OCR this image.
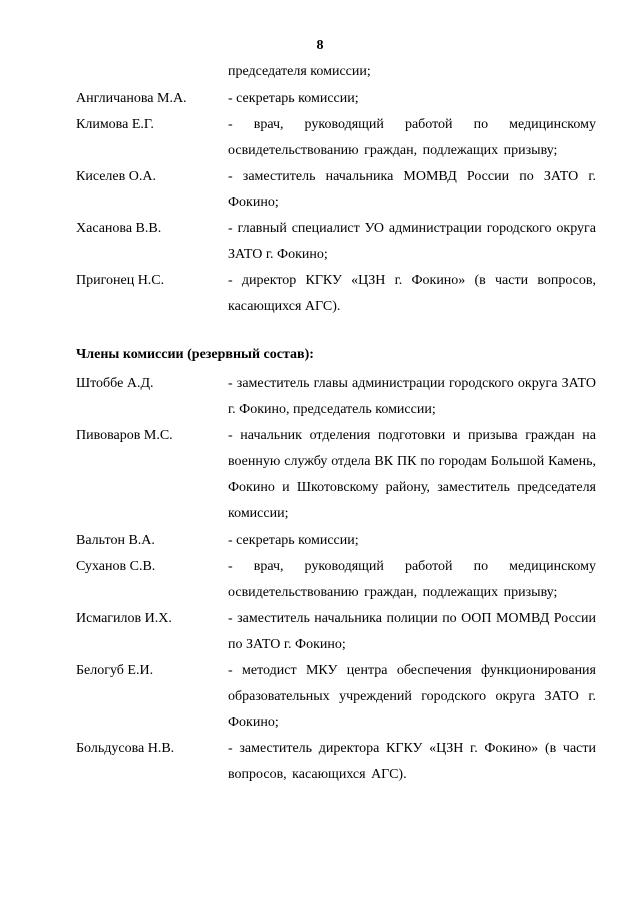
8
председателя комиссии;
Англичанова М.А.	- секретарь комиссии;
Климова Е.Г.	- врач, руководящий работой по медицинскому освидетельствованию граждан, подлежащих призыву;
Киселев О.А.	- заместитель начальника МОМВД России по ЗАТО г. Фокино;
Хасанова В.В.	- главный специалист УО администрации городского округа ЗАТО г. Фокино;
Пригонец Н.С.	- директор КГКУ «ЦЗН г. Фокино» (в части вопросов, касающихся АГС).
Члены комиссии (резервный состав):
Штоббе А.Д.	- заместитель главы администрации городского округа ЗАТО г. Фокино, председатель комиссии;
Пивоваров М.С.	- начальник отделения подготовки и призыва граждан на военную службу отдела ВК ПК по городам Большой Камень, Фокино и Шкотовскому району, заместитель председателя комиссии;
Вальтон В.А.	- секретарь комиссии;
Суханов С.В.	- врач, руководящий работой по медицинскому освидетельствованию граждан, подлежащих призыву;
Исмагилов И.Х.	- заместитель начальника полиции по ООП МОМВД России по ЗАТО г. Фокино;
Белогуб Е.И.	- методист МКУ центра обеспечения функционирования образовательных учреждений городского округа ЗАТО г. Фокино;
Больдусова Н.В.	- заместитель директора КГКУ «ЦЗН г. Фокино» (в части вопросов, касающихся АГС).
